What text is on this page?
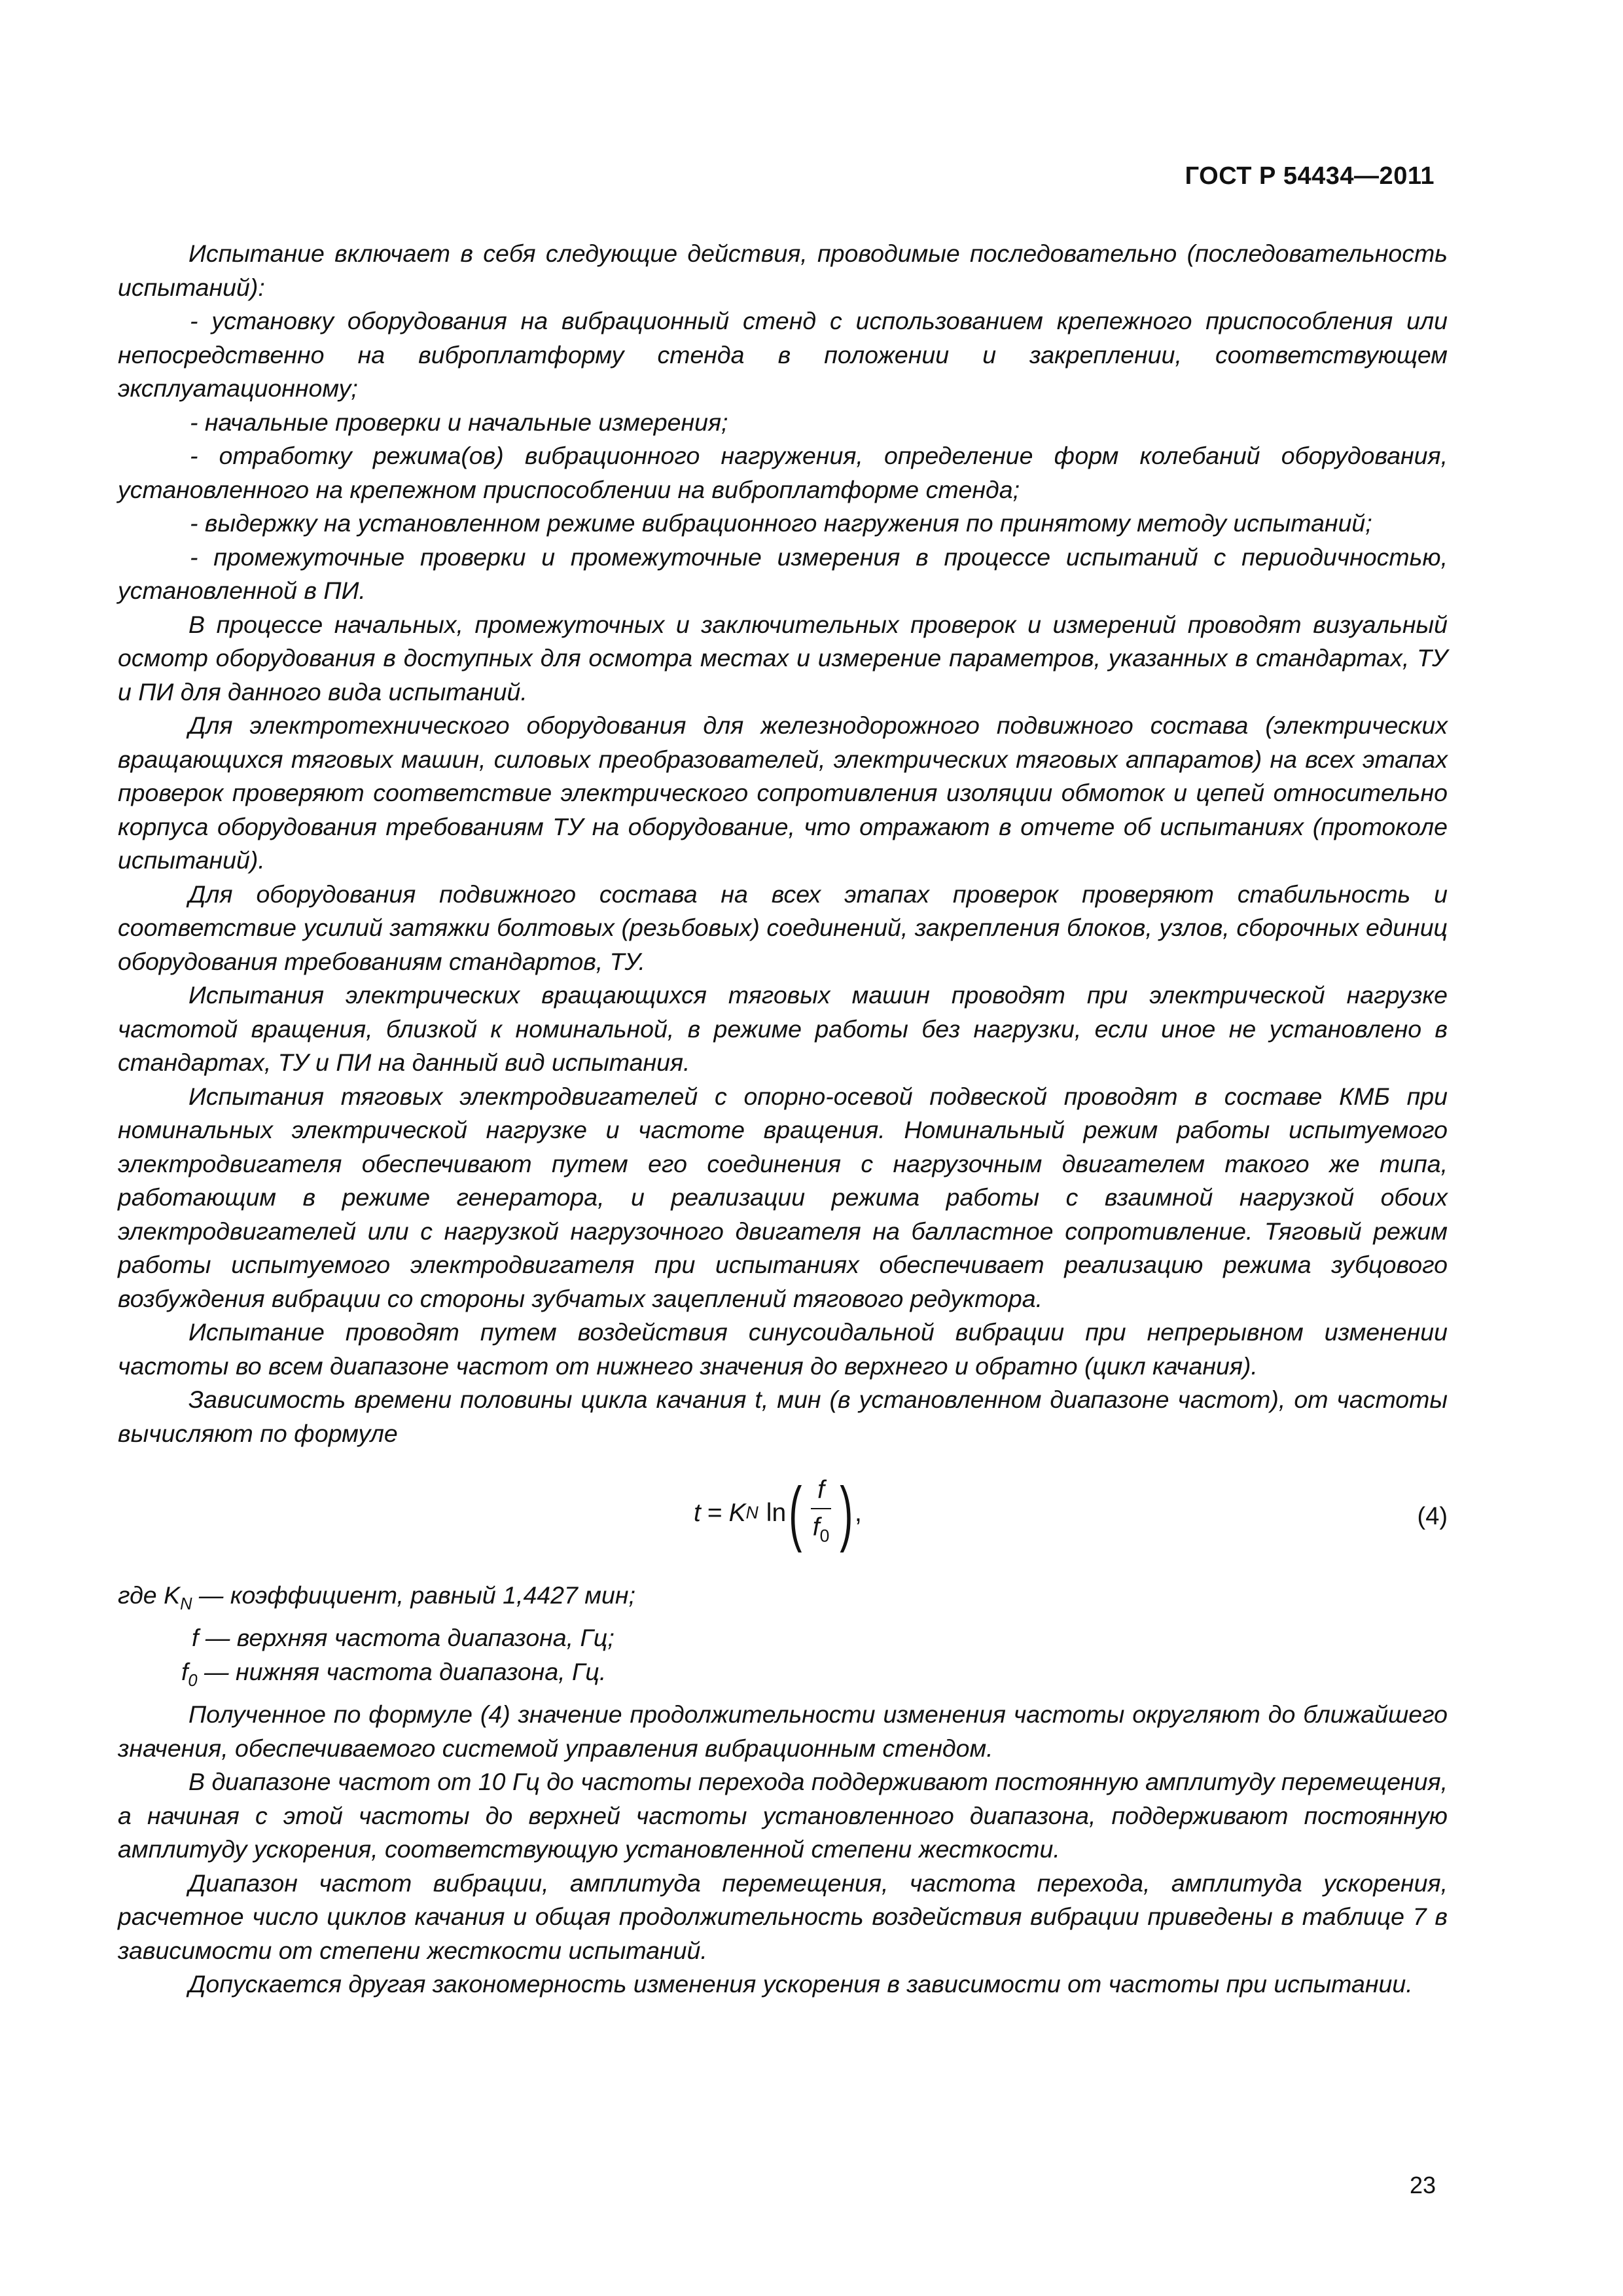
ГОСТ Р 54434—2011

Испытание включает в себя следующие действия, проводимые последовательно (последовательность испытаний):

- установку оборудования на вибрационный стенд с использованием крепежного приспособления или непосредственно на виброплатформу стенда в положении и закреплении, соответствующем эксплуатационному;

- начальные проверки и начальные измерения;

- отработку режима(ов) вибрационного нагружения, определение форм колебаний оборудования, установленного на крепежном приспособлении на виброплатформе стенда;

- выдержку на установленном режиме вибрационного нагружения по принятому методу испытаний;

- промежуточные проверки и промежуточные измерения в процессе испытаний с периодичностью, установленной в ПИ.

В процессе начальных, промежуточных и заключительных проверок и измерений проводят визуальный осмотр оборудования в доступных для осмотра местах и измерение параметров, указанных в стандартах, ТУ и ПИ для данного вида испытаний.

Для электротехнического оборудования для железнодорожного подвижного состава (электрических вращающихся тяговых машин, силовых преобразователей, электрических тяговых аппаратов) на всех этапах проверок проверяют соответствие электрического сопротивления изоляции обмоток и цепей относительно корпуса оборудования требованиям ТУ на оборудование, что отражают в отчете об испытаниях (протоколе испытаний).

Для оборудования подвижного состава на всех этапах проверок проверяют стабильность и соответствие усилий затяжки болтовых (резьбовых) соединений, закрепления блоков, узлов, сборочных единиц оборудования требованиям стандартов, ТУ.

Испытания электрических вращающихся тяговых машин проводят при электрической нагрузке частотой вращения, близкой к номинальной, в режиме работы без нагрузки, если иное не установлено в стандартах, ТУ и ПИ на данный вид испытания.

Испытания тяговых электродвигателей с опорно-осевой подвеской проводят в составе КМБ при номинальных электрической нагрузке и частоте вращения. Номинальный режим работы испытуемого электродвигателя обеспечивают путем его соединения с нагрузочным двигателем такого же типа, работающим в режиме генератора, и реализации режима работы с взаимной нагрузкой обоих электродвигателей или с нагрузкой нагрузочного двигателя на балластное сопротивление. Тяговый режим работы испытуемого электродвигателя при испытаниях обеспечивает реализацию режима зубцового возбуждения вибрации со стороны зубчатых зацеплений тягового редуктора.

Испытание проводят путем воздействия синусоидальной вибрации при непрерывном изменении частоты во всем диапазоне частот от нижнего значения до верхнего и обратно (цикл качания).

Зависимость времени половины цикла качания t, мин (в установленном диапазоне частот), от частоты вычисляют по формуле

t = K N ln ( $\frac{f}{f_0}$ ) ,	(4)
где $K_N$ — коэффициент, равный 1,4427 мин;
f — верхняя частота диапазона, Гц;
$f_0$ — нижняя частота диапазона, Гц.

Полученное по формуле (4) значение продолжительности изменения частоты округляют до ближайшего значения, обеспечиваемого системой управления вибрационным стендом.

В диапазоне частот от 10 Гц до частоты перехода поддерживают постоянную амплитуду перемещения, а начиная с этой частоты до верхней частоты установленного диапазона, поддерживают постоянную амплитуду ускорения, соответствующую установленной степени жесткости.

Диапазон частот вибрации, амплитуда перемещения, частота перехода, амплитуда ускорения, расчетное число циклов качания и общая продолжительность воздействия вибрации приведены в таблице 7 в зависимости от степени жесткости испытаний.

Допускается другая закономерность изменения ускорения в зависимости от частоты при испытании.

23
